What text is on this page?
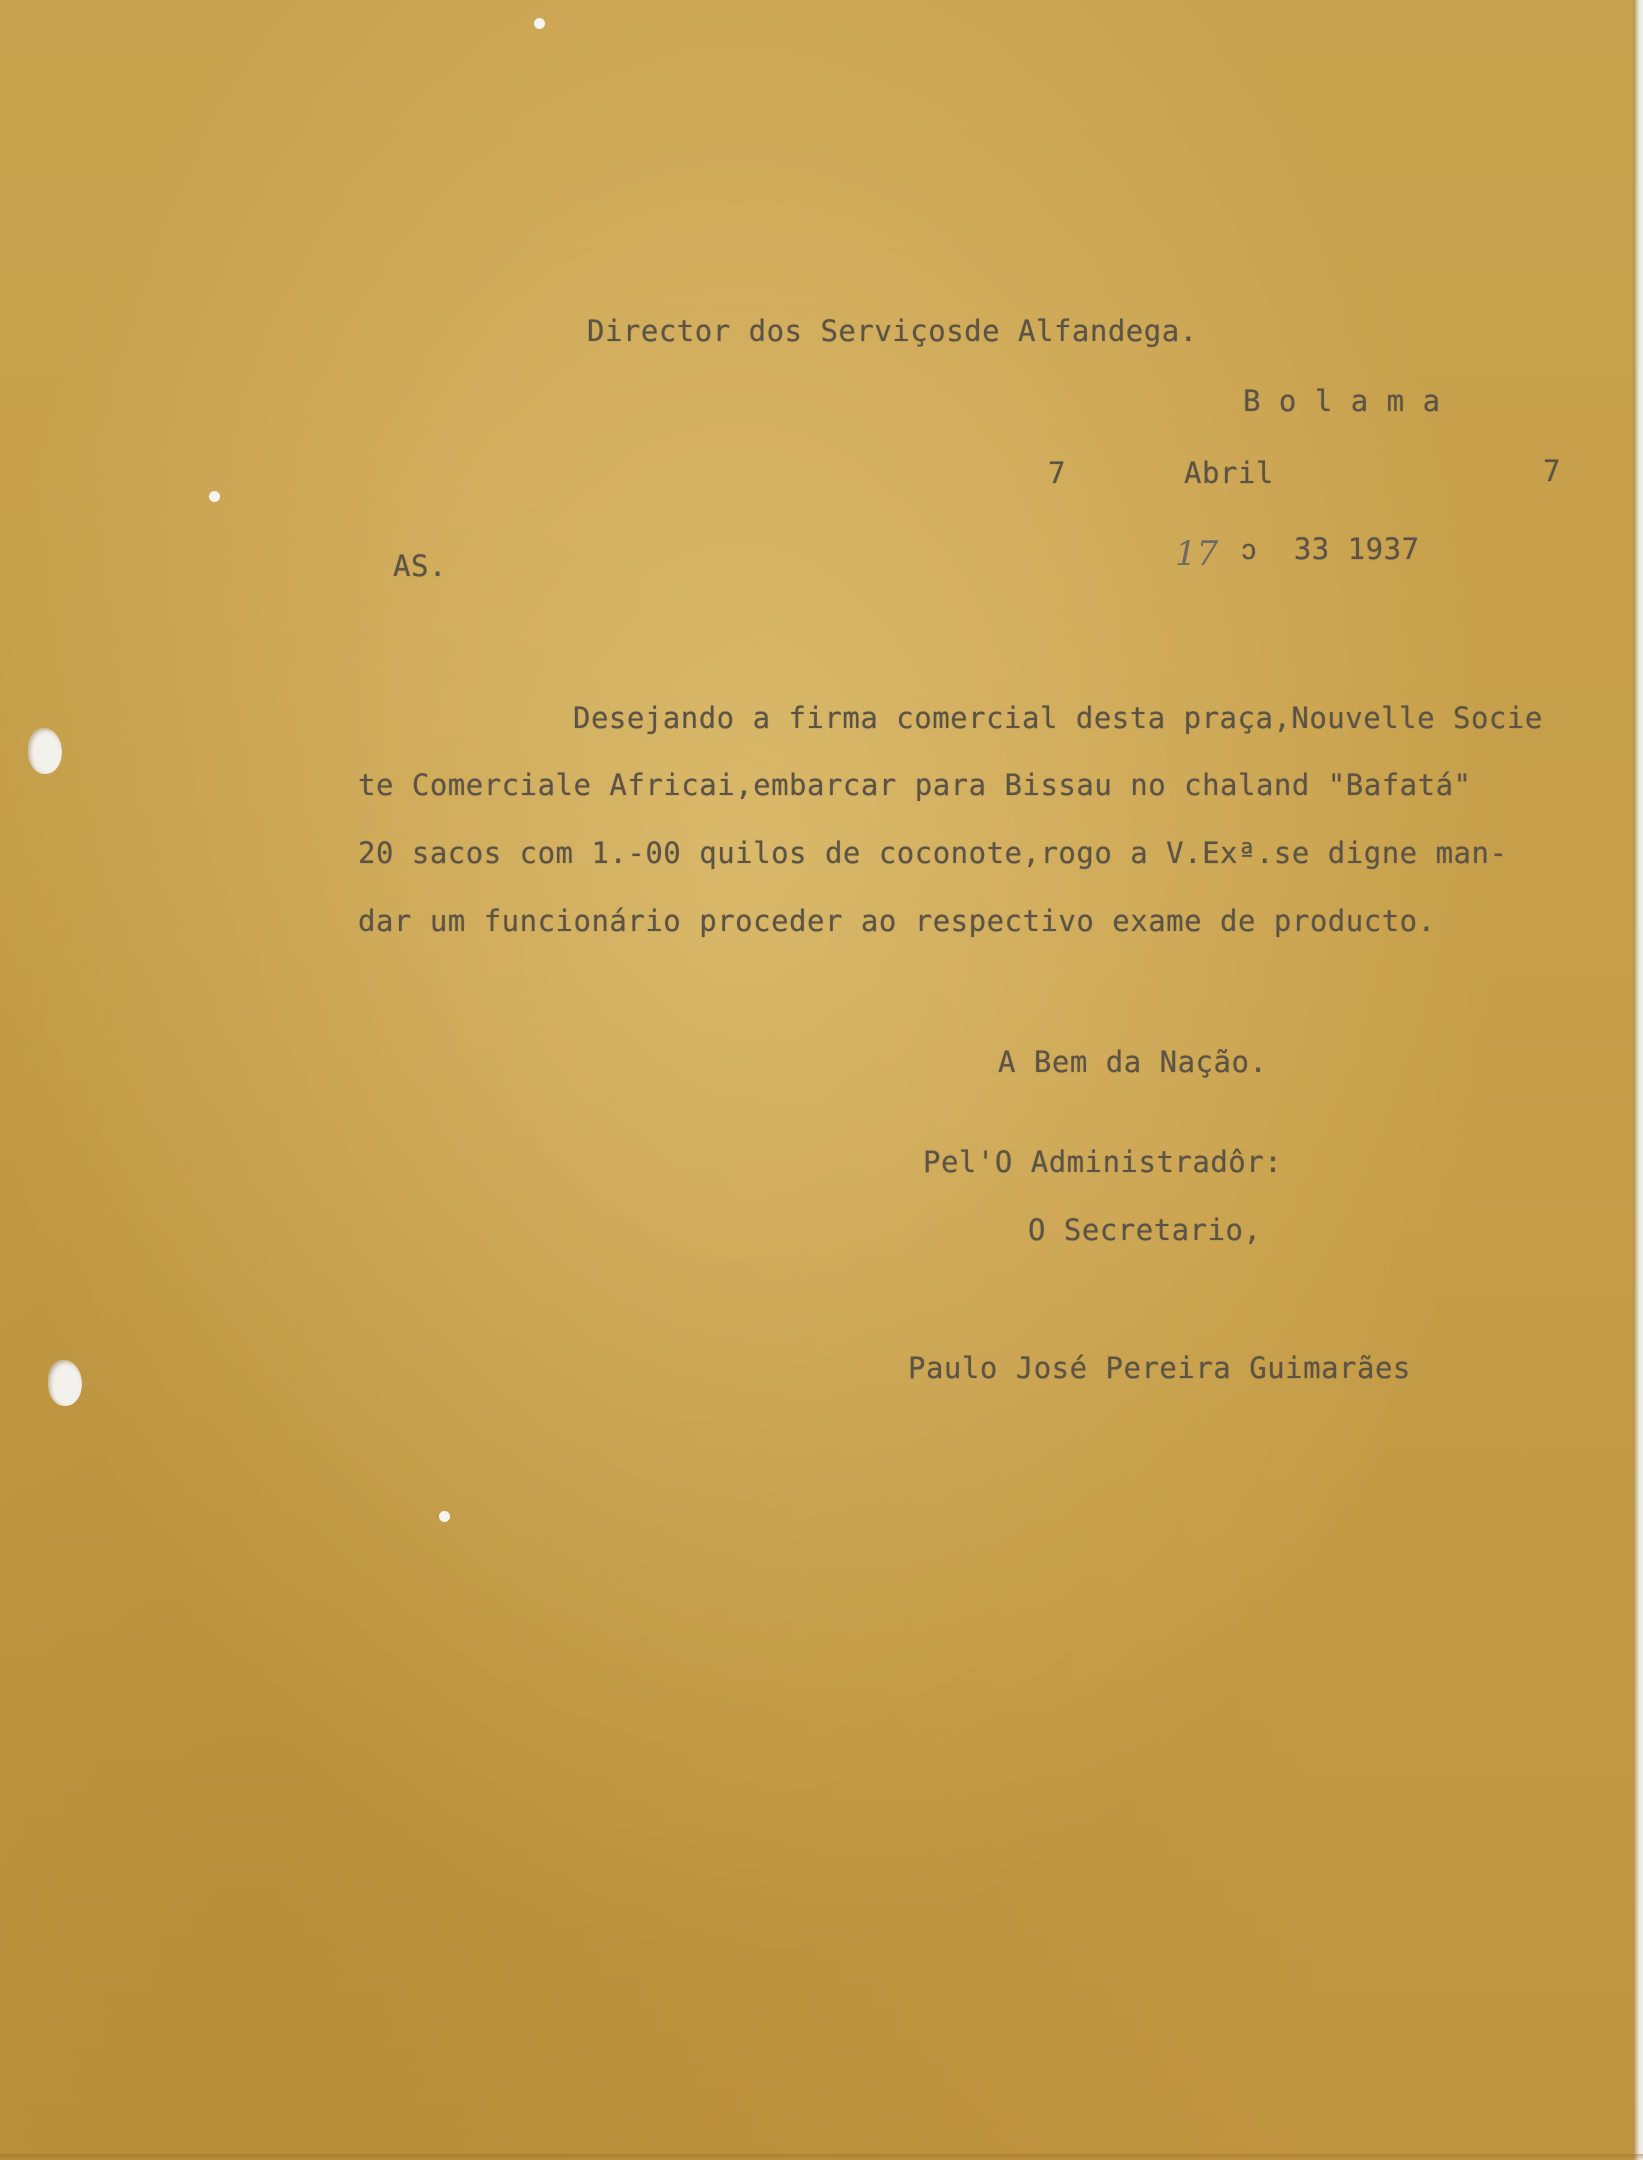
Director dos Serviçosde Alfandega.
B o l a m a
7	Abril	7
AS.	17 ↄ  33 1937
Desejando a firma comercial desta praça,Nouvelle Socie
te Comerciale Africai,embarcar para Bissau no chaland "Bafatá"
20 sacos com 1.-00 quilos de coconote,rogo a V.Exª.se digne man-
dar um funcionário proceder ao respectivo exame de producto.
A Bem da Nação.
Pel'O Administradôr:
O Secretario,
Paulo José Pereira Guimarães
